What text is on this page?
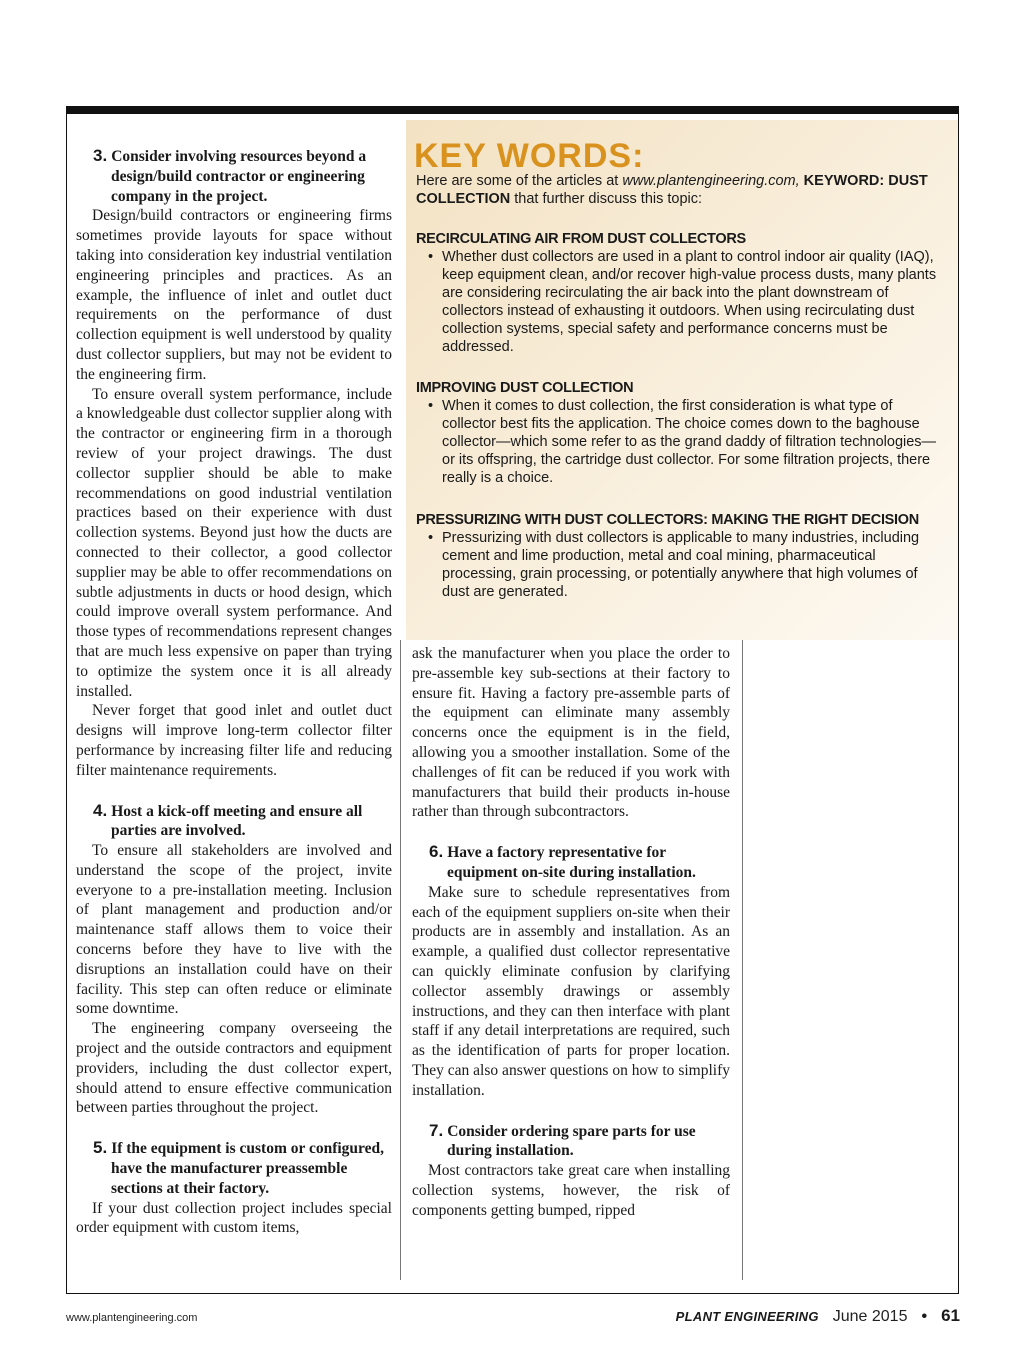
3. Consider involving resources beyond a design/build contractor or engineering company in the project.

Design/build contractors or engineering firms sometimes provide layouts for space without taking into consideration key industrial ventilation engineering principles and practices. As an example, the influence of inlet and outlet duct requirements on the performance of dust collection equipment is well understood by quality dust collector suppliers, but may not be evident to the engineering firm.

To ensure overall system performance, include a knowledgeable dust collector supplier along with the contractor or engineering firm in a thorough review of your project drawings. The dust collector supplier should be able to make recommendations on good industrial ventilation practices based on their experience with dust collection systems. Beyond just how the ducts are connected to their collector, a good collector supplier may be able to offer recommendations on subtle adjustments in ducts or hood design, which could improve overall system performance. And those types of recommendations represent changes that are much less expensive on paper than trying to optimize the system once it is all already installed.

Never forget that good inlet and outlet duct designs will improve long-term collector filter performance by increasing filter life and reducing filter maintenance requirements.

4. Host a kick-off meeting and ensure all parties are involved.

To ensure all stakeholders are involved and understand the scope of the project, invite everyone to a pre-installation meeting. Inclusion of plant management and production and/or maintenance staff allows them to voice their concerns before they have to live with the disruptions an installation could have on their facility. This step can often reduce or eliminate some downtime.

The engineering company overseeing the project and the outside contractors and equipment providers, including the dust collector expert, should attend to ensure effective communication between parties throughout the project.

5. If the equipment is custom or configured, have the manufacturer preassemble sections at their factory.

If your dust collection project includes special order equipment with custom items,

KEY WORDS:

Here are some of the articles at www.plantengineering.com, KEYWORD: DUST COLLECTION that further discuss this topic:

RECIRCULATING AIR FROM DUST COLLECTORS
• Whether dust collectors are used in a plant to control indoor air quality (IAQ), keep equipment clean, and/or recover high-value process dusts, many plants are considering recirculating the air back into the plant downstream of collectors instead of exhausting it outdoors. When using recirculating dust collection systems, special safety and performance concerns must be addressed.
IMPROVING DUST COLLECTION
• When it comes to dust collection, the first consideration is what type of collector best fits the application. The choice comes down to the baghouse collector—which some refer to as the grand daddy of filtration technologies—or its offspring, the cartridge dust collector. For some filtration projects, there really is a choice.
PRESSURIZING WITH DUST COLLECTORS: MAKING THE RIGHT DECISION
• Pressurizing with dust collectors is applicable to many industries, including cement and lime production, metal and coal mining, pharmaceutical processing, grain processing, or potentially anywhere that high volumes of dust are generated.

ask the manufacturer when you place the order to pre-assemble key sub-sections at their factory to ensure fit. Having a factory pre-assemble parts of the equipment can eliminate many assembly concerns once the equipment is in the field, allowing you a smoother installation. Some of the challenges of fit can be reduced if you work with manufacturers that build their products in-house rather than through subcontractors.

6. Have a factory representative for equipment on-site during installation.

Make sure to schedule representatives from each of the equipment suppliers on-site when their products are in assembly and installation. As an example, a qualified dust collector representative can quickly eliminate confusion by clarifying collector assembly drawings or assembly instructions, and they can then interface with plant staff if any detail interpretations are required, such as the identification of parts for proper location. They can also answer questions on how to simplify installation.

7. Consider ordering spare parts for use during installation.

Most contractors take great care when installing collection systems, however, the risk of components getting bumped, ripped

www.plantengineering.com	PLANT ENGINEERING June 2015 • 61
